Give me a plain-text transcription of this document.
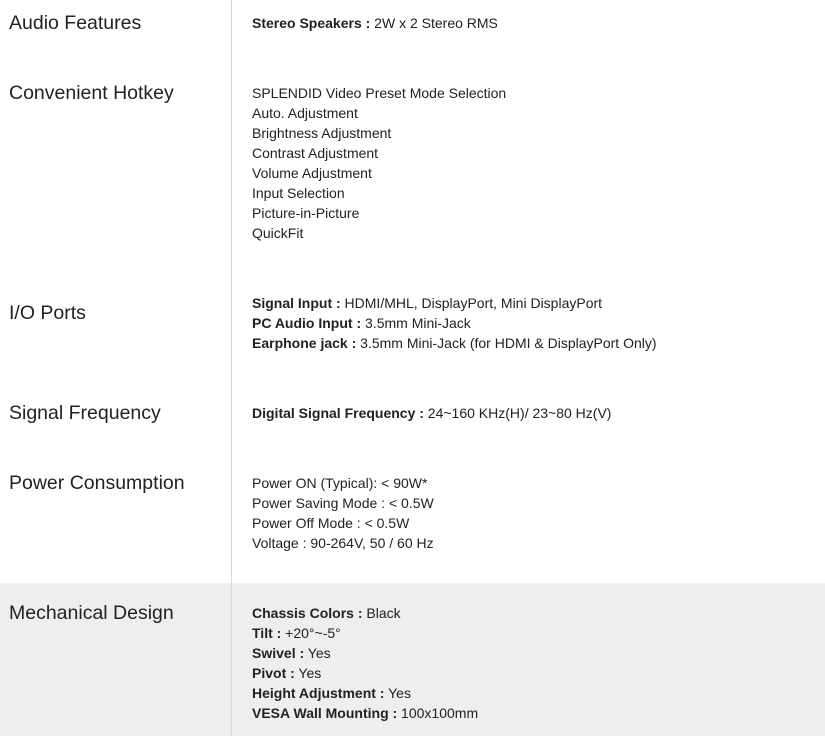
Audio Features	Stereo Speakers : 2W x 2 Stereo RMS
Convenient Hotkey	SPLENDID Video Preset Mode Selection
Auto. Adjustment
Brightness Adjustment
Contrast Adjustment
Volume Adjustment
Input Selection
Picture-in-Picture
QuickFit
I/O Ports	Signal Input : HDMI/MHL, DisplayPort, Mini DisplayPort
PC Audio Input : 3.5mm Mini-Jack
Earphone jack : 3.5mm Mini-Jack (for HDMI & DisplayPort Only)
Signal Frequency	Digital Signal Frequency : 24~160 KHz(H)/ 23~80 Hz(V)
Power Consumption	Power ON (Typical): < 90W*
Power Saving Mode : < 0.5W
Power Off Mode : < 0.5W
Voltage : 90-264V, 50 / 60 Hz
Mechanical Design	Chassis Colors : Black
Tilt : +20°~-5°
Swivel : Yes
Pivot : Yes
Height Adjustment : Yes
VESA Wall Mounting : 100x100mm
